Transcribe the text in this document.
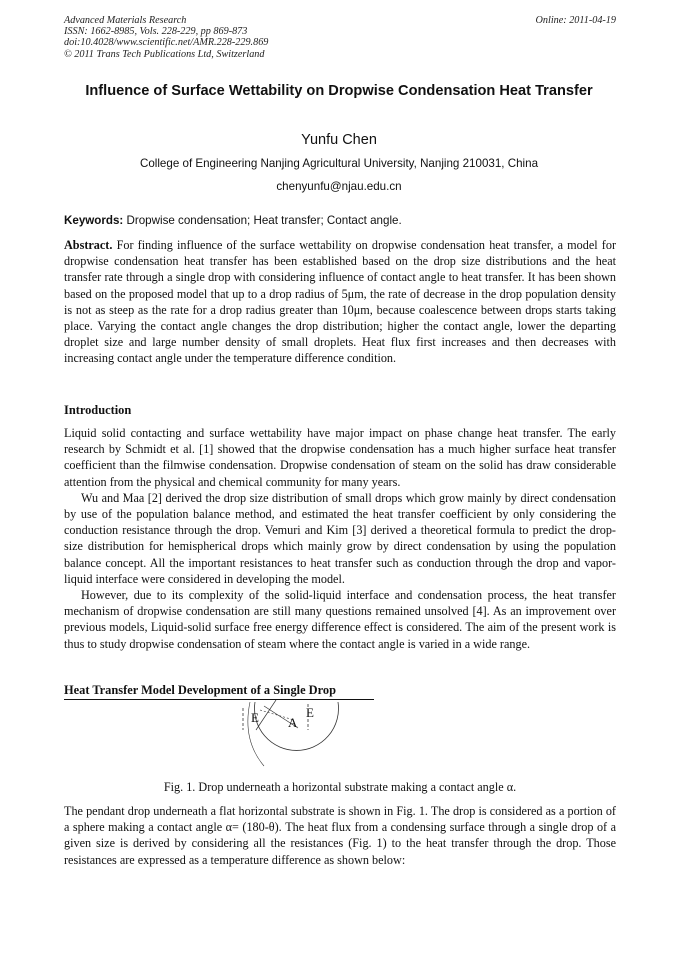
Advanced Materials Research
ISSN: 1662-8985, Vols. 228-229, pp 869-873
doi:10.4028/www.scientific.net/AMR.228-229.869
© 2011 Trans Tech Publications Ltd, Switzerland
Online: 2011-04-19
Influence of Surface Wettability on Dropwise Condensation Heat Transfer
Yunfu Chen
College of Engineering Nanjing Agricultural University, Nanjing 210031, China
chenyunfu@njau.edu.cn
Keywords: Dropwise condensation; Heat transfer; Contact angle.
Abstract. For finding influence of the surface wettability on dropwise condensation heat transfer, a model for dropwise condensation heat transfer has been established based on the drop size distributions and the heat transfer rate through a single drop with considering influence of contact angle to heat transfer. It has been shown based on the proposed model that up to a drop radius of 5μm, the rate of decrease in the drop population density is not as steep as the rate for a drop radius greater than 10μm, because coalescence between drops starts taking place. Varying the contact angle changes the drop distribution; higher the contact angle, lower the departing droplet size and large number density of small droplets. Heat flux first increases and then decreases with increasing contact angle under the temperature difference condition.
Introduction

Liquid solid contacting and surface wettability have major impact on phase change heat transfer. The early research by Schmidt et al. [1] showed that the dropwise condensation has a much higher surface heat transfer coefficient than the filmwise condensation. Dropwise condensation of steam on the solid has draw considerable attention from the physical and chemical community for many years.

Wu and Maa [2] derived the drop size distribution of small drops which grow mainly by direct condensation by use of the population balance method, and estimated the heat transfer coefficient by only considering the conduction resistance through the drop. Vemuri and Kim [3] derived a theoretical formula to predict the drop-size distribution for hemispherical drops which mainly grow by direct condensation by using the population balance concept. All the important resistances to heat transfer such as conduction through the drop and vapor-liquid interface were considered in developing the model.

However, due to its complexity of the solid-liquid interface and condensation process, the heat transfer mechanism of dropwise condensation are still many questions remained unsolved [4]. As an improvement over previous models, Liquid-solid surface free energy difference effect is considered. The aim of the present work is thus to study dropwise condensation of steam where the contact angle is varied in a wide range.

Heat Transfer Model Development of a Single Drop
E A
E
Fig. 1. Drop underneath a horizontal substrate making a contact angle α.
The pendant drop underneath a flat horizontal substrate is shown in Fig. 1. The drop is considered as a portion of a sphere making a contact angle α= (180-θ). The heat flux from a condensing surface through a single drop of a given size is derived by considering all the resistances (Fig. 1) to the heat transfer through the drop. Those resistances are expressed as a temperature difference as shown below:
